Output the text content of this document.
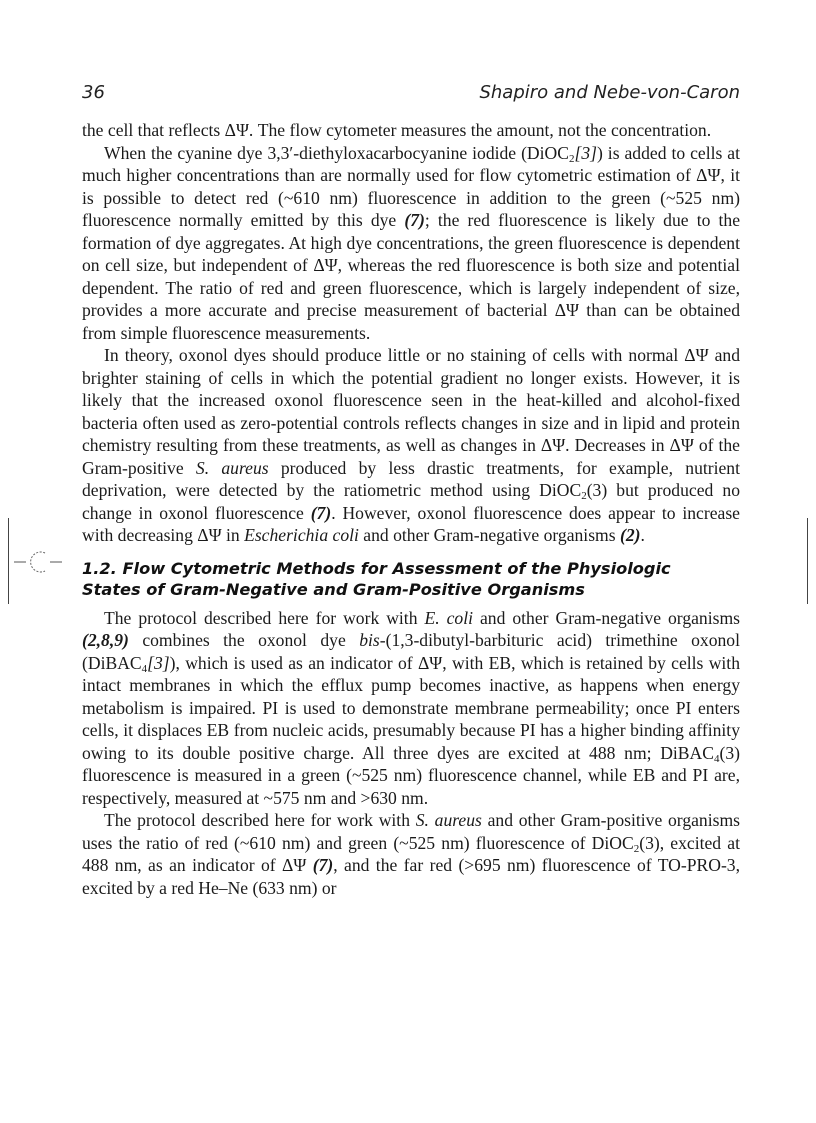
36	Shapiro and Nebe-von-Caron

the cell that reflects ΔΨ. The flow cytometer measures the amount, not the concentration.

When the cyanine dye 3,3′-diethyloxacarbocyanine iodide (DiOC$_2$[3]) is added to cells at much higher concentrations than are normally used for flow cytometric estimation of ΔΨ, it is possible to detect red (~610 nm) fluorescence in addition to the green (~525 nm) fluorescence normally emitted by this dye (7); the red fluorescence is likely due to the formation of dye aggregates. At high dye concentrations, the green fluorescence is dependent on cell size, but independent of ΔΨ, whereas the red fluorescence is both size and potential dependent. The ratio of red and green fluorescence, which is largely independent of size, provides a more accurate and precise measurement of bacterial ΔΨ than can be obtained from simple fluorescence measurements.

In theory, oxonol dyes should produce little or no staining of cells with normal ΔΨ and brighter staining of cells in which the potential gradient no longer exists. However, it is likely that the increased oxonol fluorescence seen in the heat-killed and alcohol-fixed bacteria often used as zero-potential controls reflects changes in size and in lipid and protein chemistry resulting from these treatments, as well as changes in ΔΨ. Decreases in ΔΨ of the Gram-positive S. aureus produced by less drastic treatments, for example, nutrient deprivation, were detected by the ratiometric method using DiOC$_2$(3) but produced no change in oxonol fluorescence (7). However, oxonol fluorescence does appear to increase with decreasing ΔΨ in Escherichia coli and other Gram-negative organisms (2).

1.2. Flow Cytometric Methods for Assessment of the Physiologic
States of Gram-Negative and Gram-Positive Organisms

The protocol described here for work with E. coli and other Gram-negative organisms (2,8,9) combines the oxonol dye bis-(1,3-dibutyl-barbituric acid) trimethine oxonol (DiBAC$_4$[3]), which is used as an indicator of ΔΨ, with EB, which is retained by cells with intact membranes in which the efflux pump becomes inactive, as happens when energy metabolism is impaired. PI is used to demonstrate membrane permeability; once PI enters cells, it displaces EB from nucleic acids, presumably because PI has a higher binding affinity owing to its double positive charge. All three dyes are excited at 488 nm; DiBAC$_4$(3) fluorescence is measured in a green (~525 nm) fluorescence channel, while EB and PI are, respectively, measured at ~575 nm and >630 nm.

The protocol described here for work with S. aureus and other Gram-positive organisms uses the ratio of red (~610 nm) and green (~525 nm) fluorescence of DiOC$_2$(3), excited at 488 nm, as an indicator of ΔΨ (7), and the far red (>695 nm) fluorescence of TO-PRO-3, excited by a red He–Ne (633 nm) or
